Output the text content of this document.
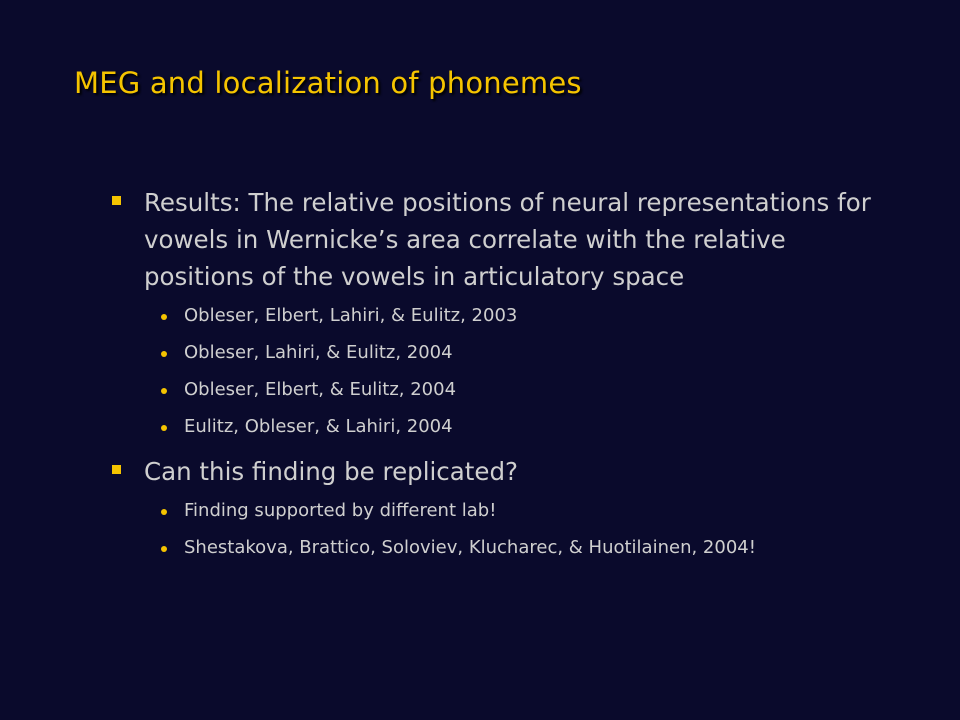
MEG and localization of phonemes
Results: The relative positions of neural representations for vowels in Wernicke’s area correlate with the relative positions of the vowels in articulatory space
Obleser, Elbert, Lahiri, & Eulitz, 2003
Obleser, Lahiri, & Eulitz, 2004
Obleser, Elbert, & Eulitz, 2004
Eulitz, Obleser, & Lahiri, 2004
Can this finding be replicated?
Finding supported by different lab!
Shestakova, Brattico, Soloviev, Klucharec, & Huotilainen, 2004!
